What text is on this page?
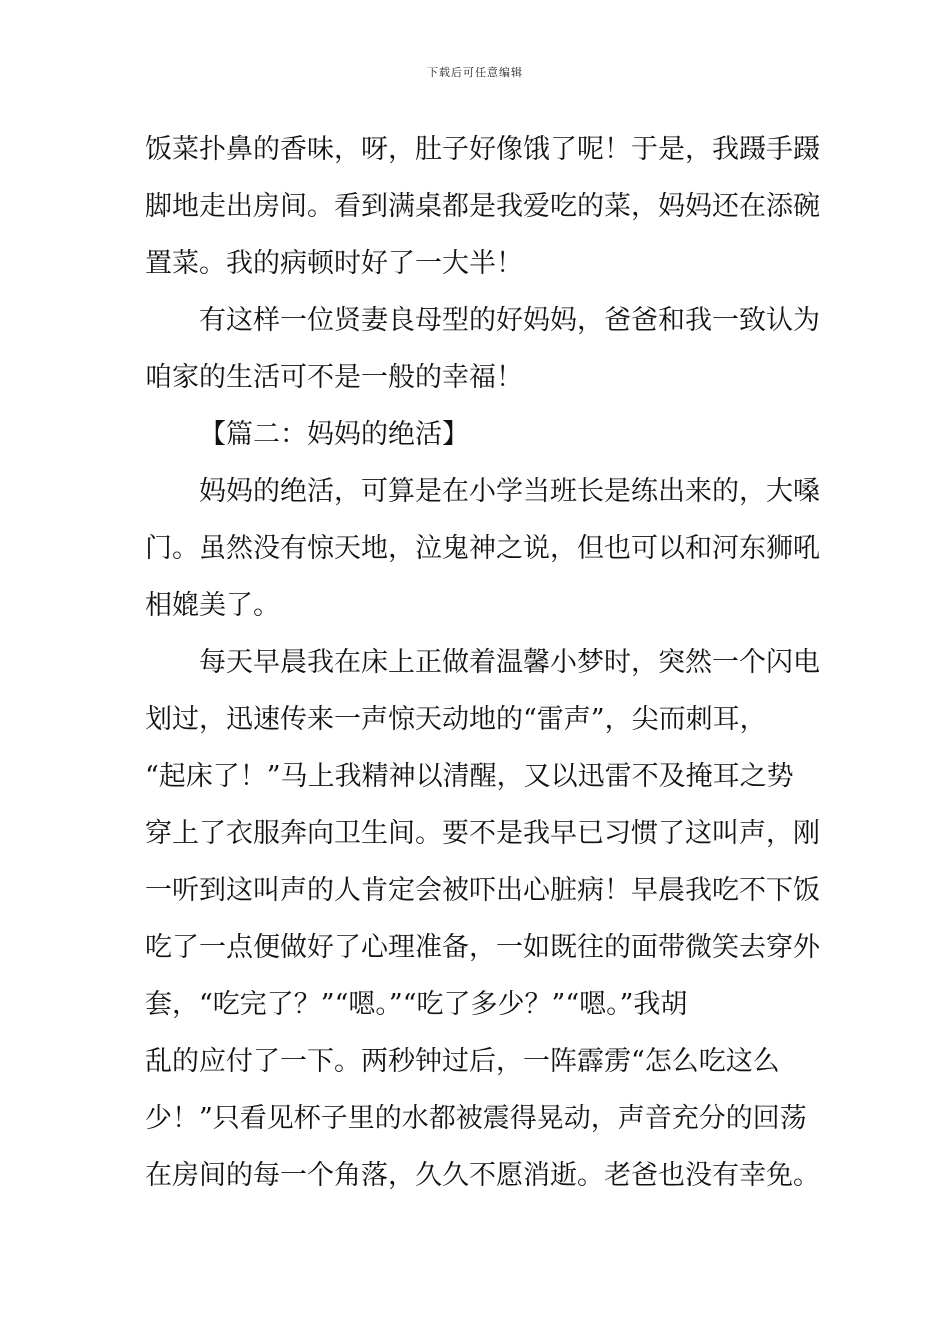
下载后可任意编辑
饭菜扑鼻的香味，呀，肚子好像饿了呢！于是，我蹑手蹑
脚地走出房间。看到满桌都是我爱吃的菜，妈妈还在添碗
置菜。我的病顿时好了一大半！
有这样一位贤妻良母型的好妈妈，爸爸和我一致认为
咱家的生活可不是一般的幸福！
【篇二：妈妈的绝活】
妈妈的绝活，可算是在小学当班长是练出来的，大嗓
门。虽然没有惊天地，泣鬼神之说，但也可以和河东狮吼
相媲美了。
每天早晨我在床上正做着温馨小梦时，突然一个闪电
划过，迅速传来一声惊天动地的“雷声”，尖而刺耳，
“起床了！”马上我精神以清醒，又以迅雷不及掩耳之势
穿上了衣服奔向卫生间。要不是我早已习惯了这叫声，刚
一听到这叫声的人肯定会被吓出心脏病！早晨我吃不下饭
吃了一点便做好了心理准备，一如既往的面带微笑去穿外
套，“吃完了？”“嗯。”“吃了多少？”“嗯。”我胡
乱的应付了一下。两秒钟过后，一阵霹雳“怎么吃这么
少！”只看见杯子里的水都被震得晃动，声音充分的回荡
在房间的每一个角落，久久不愿消逝。老爸也没有幸免。
